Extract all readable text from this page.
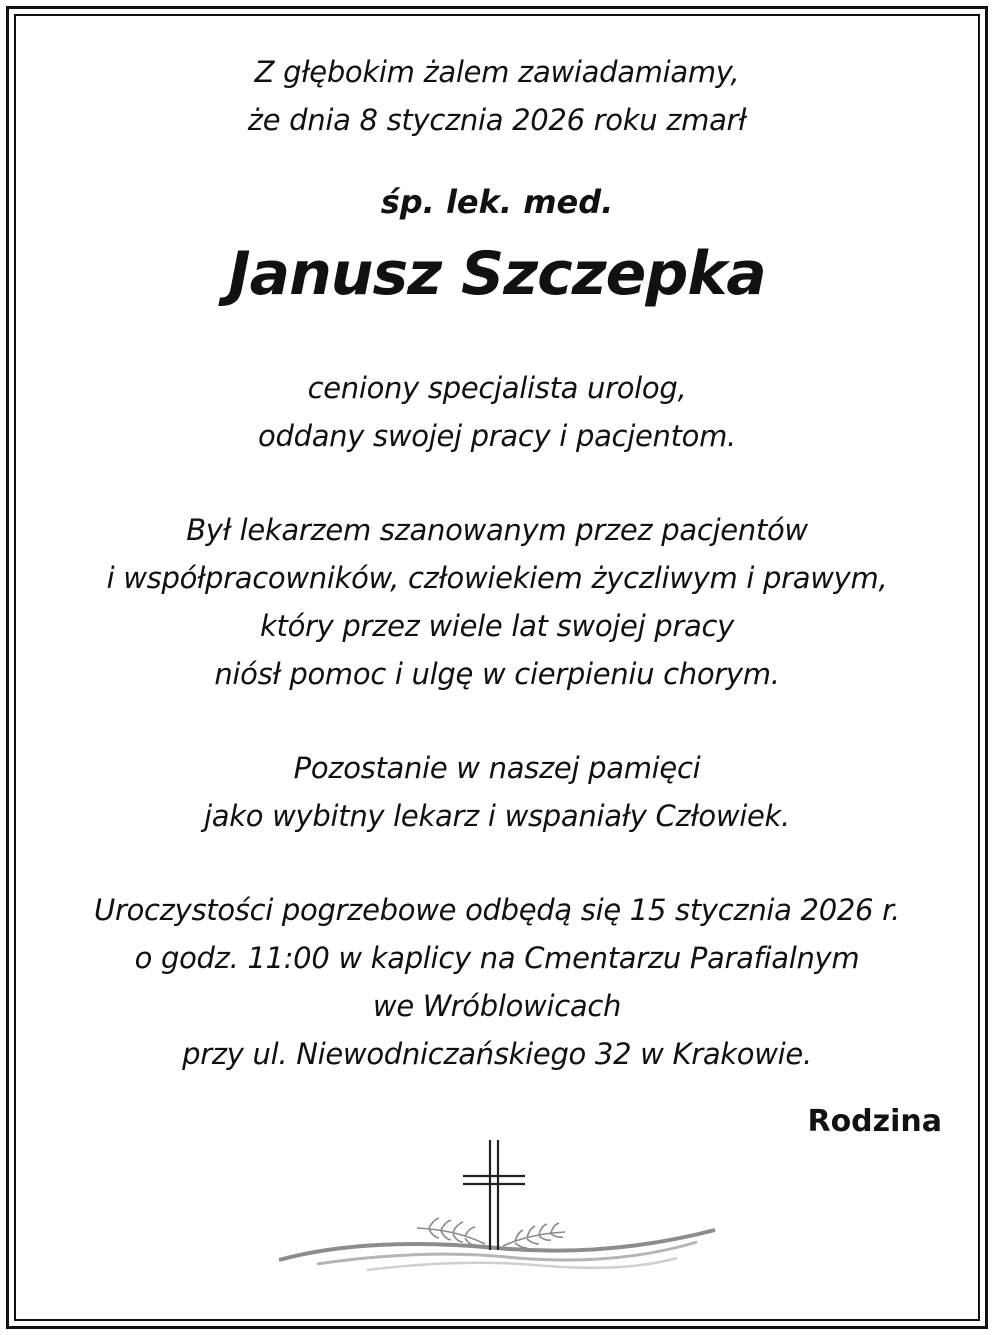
Z głębokim żalem zawiadamiamy,
że dnia 8 stycznia 2026 roku zmarł
śp. lek. med.
Janusz Szczepka
ceniony specjalista urolog,
oddany swojej pracy i pacjentom.
Był lekarzem szanowanym przez pacjentów
i współpracowników, człowiekiem życzliwym i prawym,
który przez wiele lat swojej pracy
niósł pomoc i ulgę w cierpieniu chorym.
Pozostanie w naszej pamięci
jako wybitny lekarz i wspaniały Człowiek.
Uroczystości pogrzebowe odbędą się 15 stycznia 2026 r.
o godz. 11:00 w kaplicy na Cmentarzu Parafialnym
we Wróblowicach
przy ul. Niewodniczańskiego 32 w Krakowie.
Rodzina
